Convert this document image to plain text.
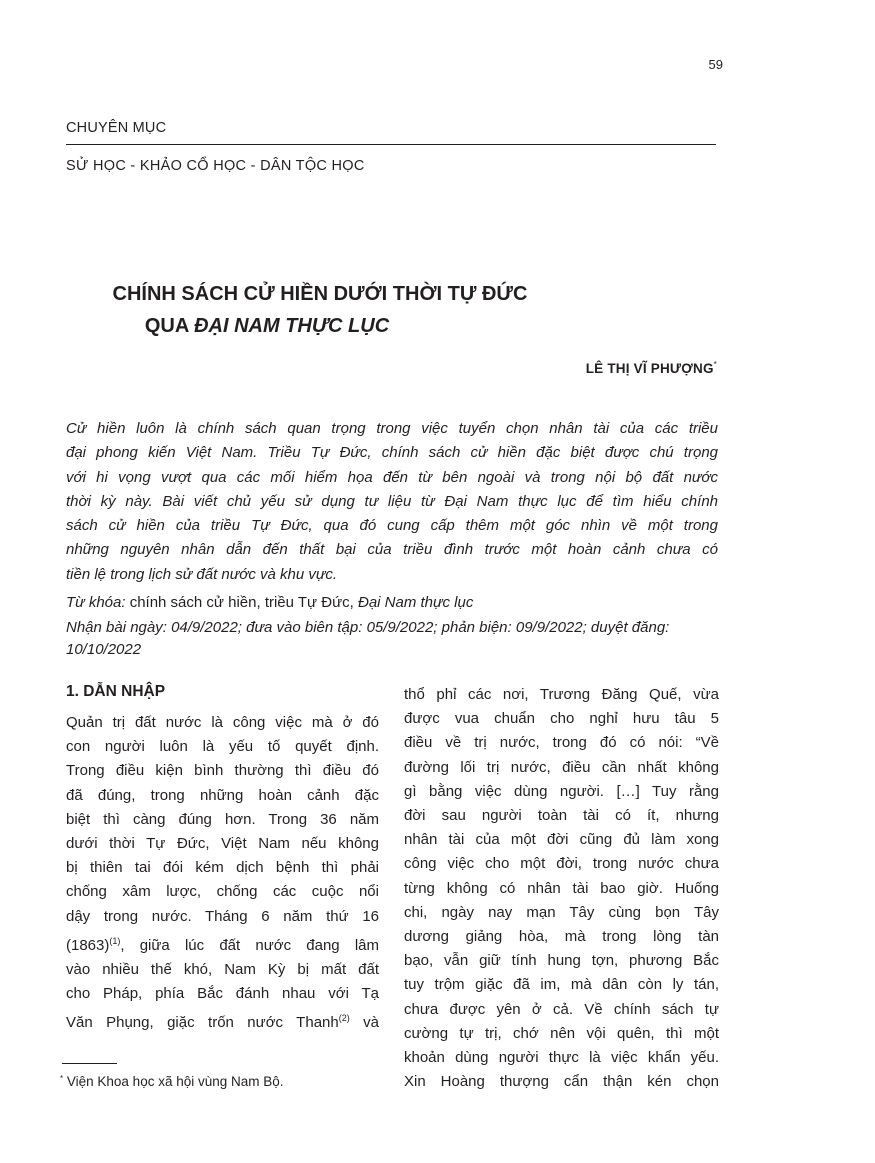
59
CHUYÊN MỤC
SỬ HỌC - KHẢO CỔ HỌC - DÂN TỘC HỌC
CHÍNH SÁCH CỬ HIỀN DƯỚI THỜI TỰ ĐỨC
QUA ĐẠI NAM THỰC LỤC
LÊ THỊ VĨ PHƯỢNG*
Cử hiền luôn là chính sách quan trọng trong việc tuyển chọn nhân tài của các triều
đại phong kiến Việt Nam. Triều Tự Đức, chính sách cử hiền đặc biệt được chú trọng
với hi vọng vượt qua các mối hiểm họa đến từ bên ngoài và trong nội bộ đất nước
thời kỳ này. Bài viết chủ yếu sử dụng tư liệu từ Đại Nam thực lục để tìm hiểu chính
sách cử hiền của triều Tự Đức, qua đó cung cấp thêm một góc nhìn về một trong
những nguyên nhân dẫn đến thất bại của triều đình trước một hoàn cảnh chưa có
tiền lệ trong lịch sử đất nước và khu vực.
Từ khóa: chính sách cử hiền, triều Tự Đức, Đại Nam thực lục
Nhận bài ngày: 04/9/2022; đưa vào biên tập: 05/9/2022; phản biện: 09/9/2022; duyệt đăng: 10/10/2022
1. DẪN NHẬP
Quản trị đất nước là công việc mà ở đó
con người luôn là yếu tố quyết định.
Trong điều kiện bình thường thì điều đó
đã đúng, trong những hoàn cảnh đặc
biệt thì càng đúng hơn. Trong 36 năm
dưới thời Tự Đức, Việt Nam nếu không
bị thiên tai đói kém dịch bệnh thì phải
chống xâm lược, chống các cuộc nổi
dậy trong nước. Tháng 6 năm thứ 16
(1863)$^{(1)}$, giữa lúc đất nước đang lâm
vào nhiều thế khó, Nam Kỳ bị mất đất
cho Pháp, phía Bắc đánh nhau với Tạ
Văn Phụng, giặc trốn nước Thanh$^{(2)}$ và
thổ phỉ các nơi, Trương Đăng Quế, vừa
được vua chuẩn cho nghỉ hưu tâu 5
điều về trị nước, trong đó có nói: “Về
đường lối trị nước, điều cần nhất không
gì bằng việc dùng người. […] Tuy rằng
đời sau người toàn tài có ít, nhưng
nhân tài của một đời cũng đủ làm xong
công việc cho một đời, trong nước chưa
từng không có nhân tài bao giờ. Huống
chi, ngày nay mạn Tây cùng bọn Tây
dương giảng hòa, mà trong lòng tàn
bạo, vẫn giữ tính hung tợn, phương Bắc
tuy trộm giặc đã im, mà dân còn ly tán,
chưa được yên ở cả. Về chính sách tự
cường tự trị, chớ nên vội quên, thì một
khoản dùng người thực là việc khẩn yếu.
Xin Hoàng thượng cẩn thận kén chọn
* Viện Khoa học xã hội vùng Nam Bộ.
